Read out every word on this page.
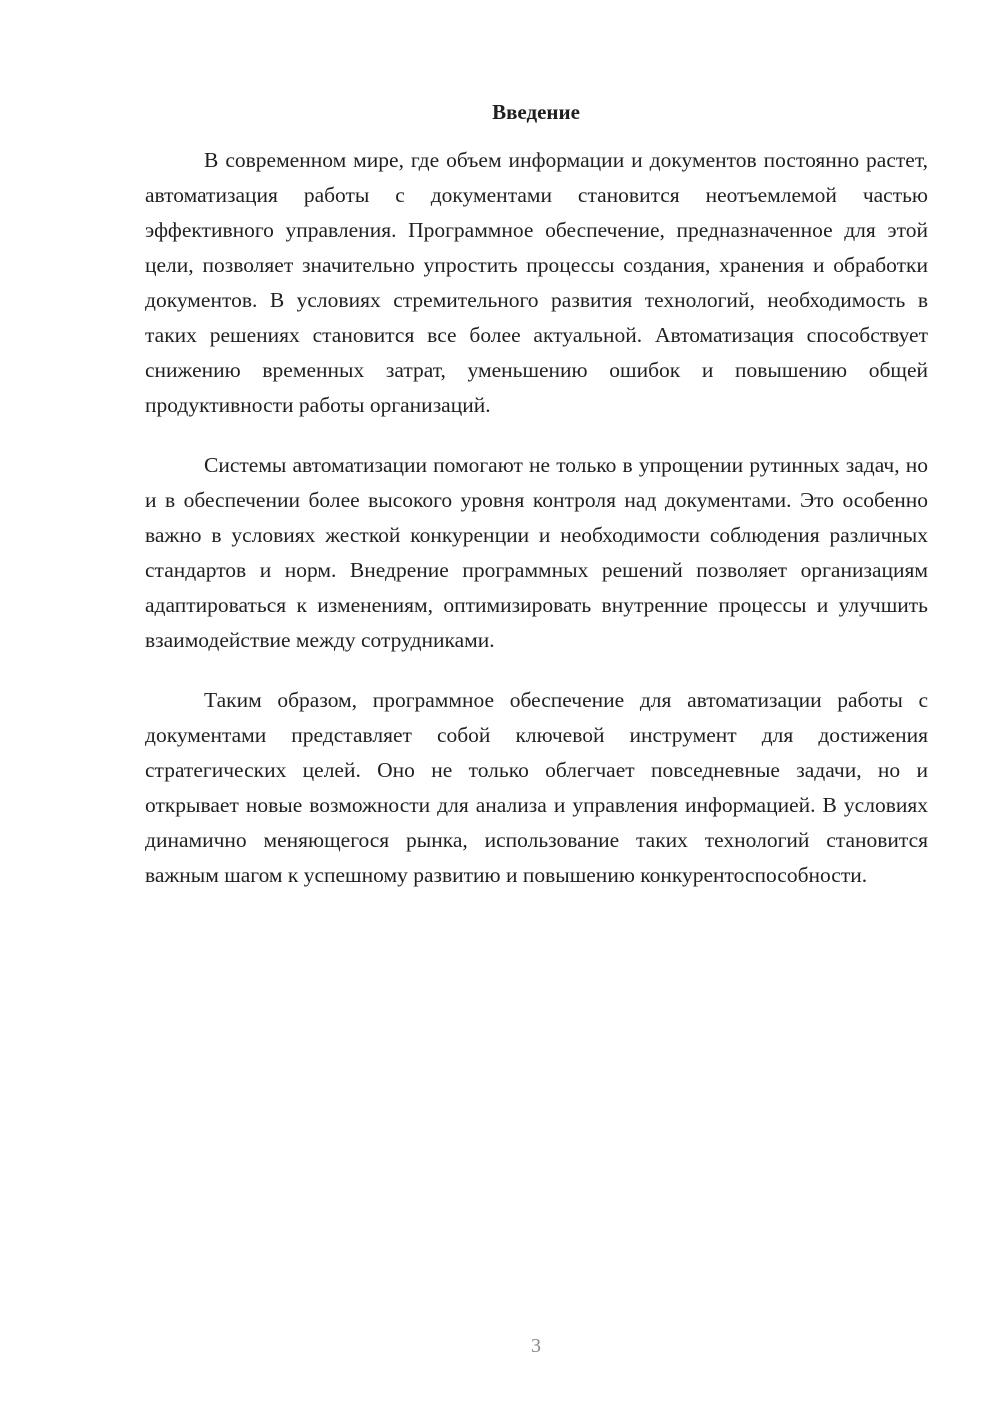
Введение

В современном мире, где объем информации и документов постоянно растет, автоматизация работы с документами становится неотъемлемой частью эффективного управления. Программное обеспечение, предназначенное для этой цели, позволяет значительно упростить процессы создания, хранения и обработки документов. В условиях стремительного развития технологий, необходимость в таких решениях становится все более актуальной. Автоматизация способствует снижению временных затрат, уменьшению ошибок и повышению общей продуктивности работы организаций.

Системы автоматизации помогают не только в упрощении рутинных задач, но и в обеспечении более высокого уровня контроля над документами. Это особенно важно в условиях жесткой конкуренции и необходимости соблюдения различных стандартов и норм. Внедрение программных решений позволяет организациям адаптироваться к изменениям, оптимизировать внутренние процессы и улучшить взаимодействие между сотрудниками.

Таким образом, программное обеспечение для автоматизации работы с документами представляет собой ключевой инструмент для достижения стратегических целей. Оно не только облегчает повседневные задачи, но и открывает новые возможности для анализа и управления информацией. В условиях динамично меняющегося рынка, использование таких технологий становится важным шагом к успешному развитию и повышению конкурентоспособности.

3
